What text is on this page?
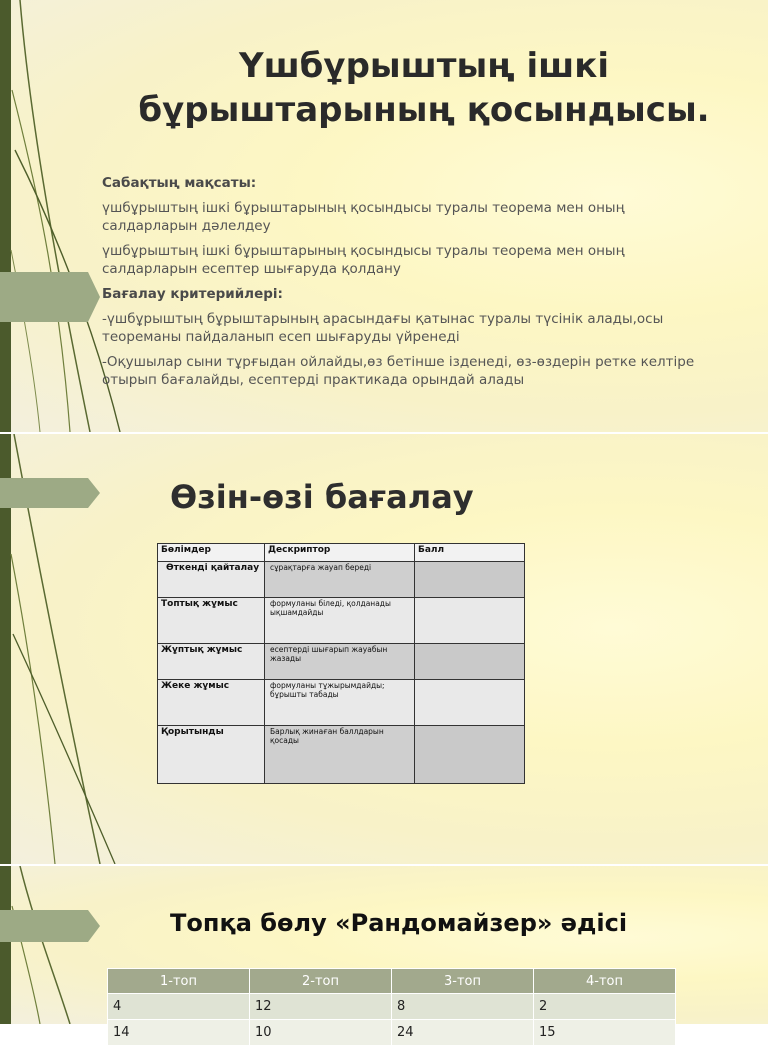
Үшбұрыштың ішкі бұрыштарының қосындысы.

Сабақтың мақсаты:

үшбұрыштың ішкі бұрыштарының қосындысы туралы теорема мен оның салдарларын дәлелдеу

үшбұрыштың ішкі бұрыштарының қосындысы туралы теорема мен оның салдарларын есептер шығаруда қолдану

Бағалау критерийлері:

-үшбұрыштың бұрыштарының арасындағы қатынас туралы түсінік алады,осы теореманы пайдаланып есеп шығаруды үйренеді

-Оқушылар сыни тұрғыдан ойлайды,өз бетінше ізденеді, өз-өздерін ретке келтіре отырып бағалайды, есептерді практикада орындай алады

Өзін-өзі бағалау
Бөлімдер	Дескриптор	Балл
Өткенді қайталау	сұрақтарға жауап береді	
Топтық жұмыс	формуланы біледі, қолданады ықшамдайды	
Жұптық жұмыс	есептерді шығарып жауабын жазады	
Жеке жұмыс	формуланы тұжырымдайды; бұрышты табады	
Қорытынды	Барлық жинаған баллдарын қосады	
Топқа бөлу «Рандомайзер» әдісі
1-топ	2-топ	3-топ	4-топ
4	12	8	2
14	10	24	15
